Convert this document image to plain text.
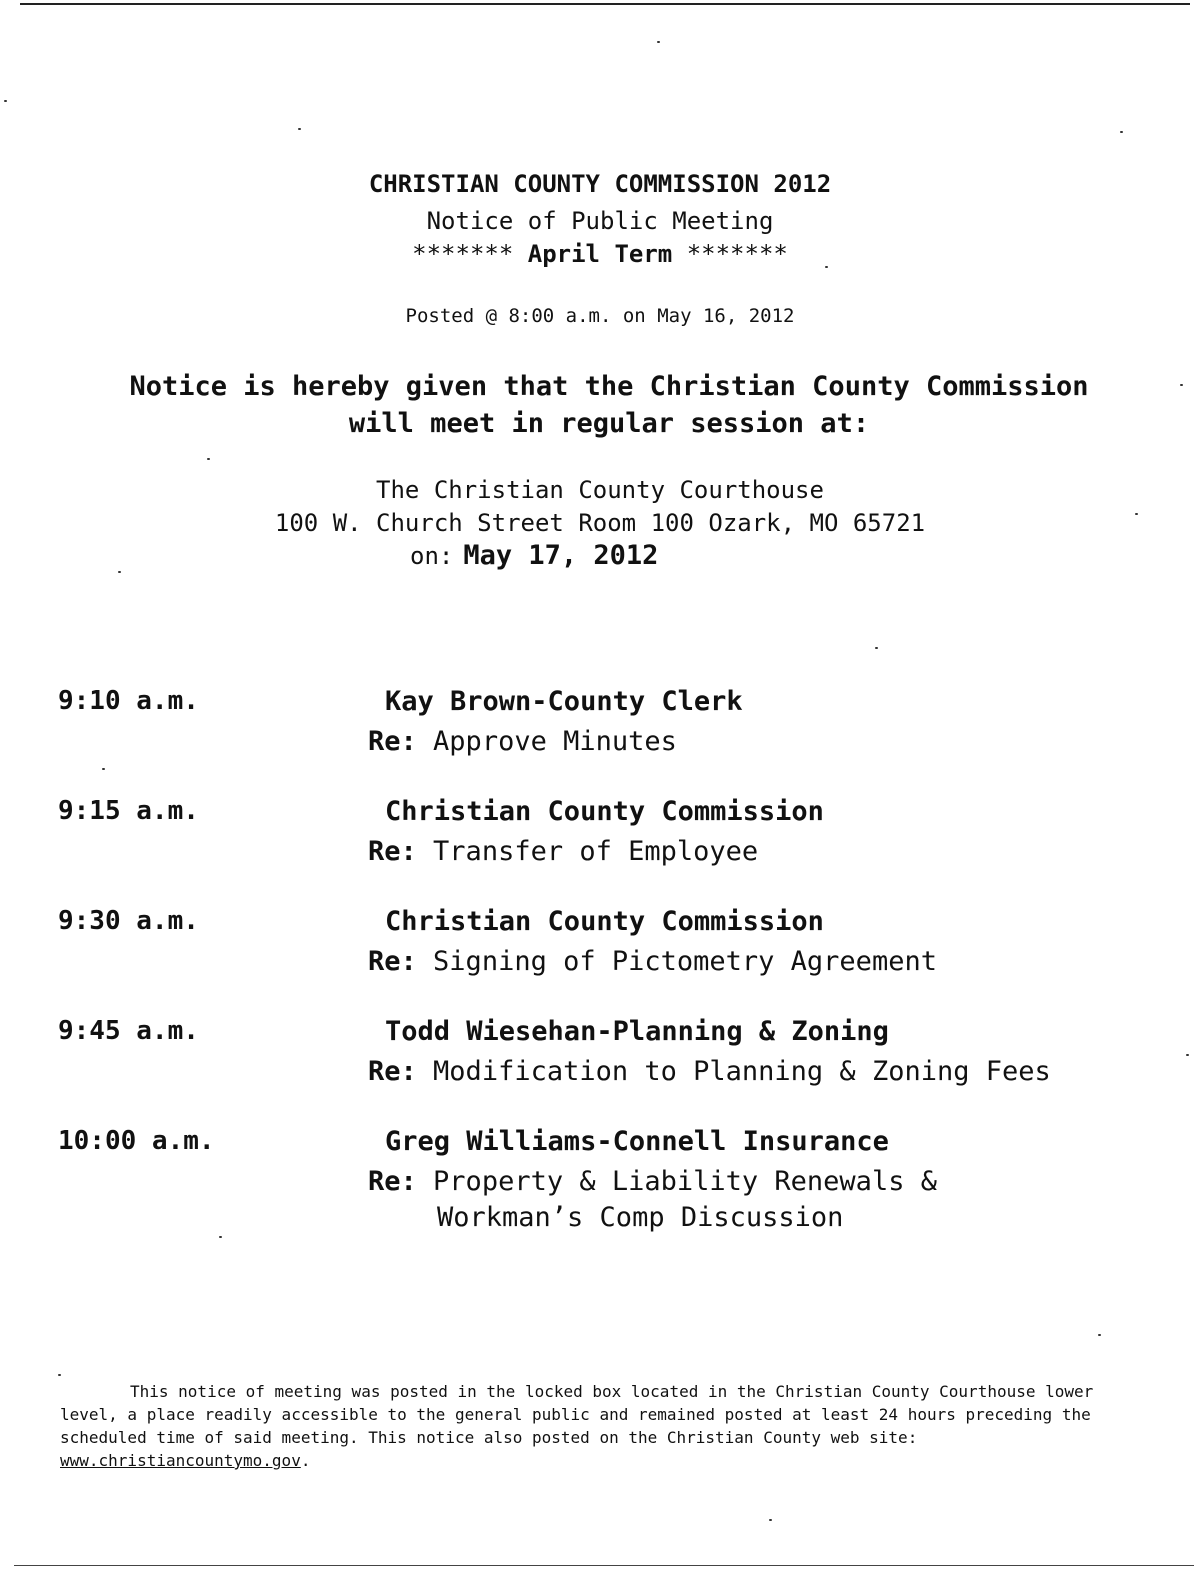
CHRISTIAN COUNTY COMMISSION 2012
Notice of Public Meeting
******* April Term *******
Posted @ 8:00 a.m. on May 16, 2012
Notice is hereby given that the Christian County Commission
will meet in regular session at:
The Christian County Courthouse
100 W. Church Street Room 100 Ozark, MO 65721
on: May 17, 2012
9:10 a.m.	Kay Brown-County Clerk
Re: Approve Minutes
9:15 a.m.	Christian County Commission
Re: Transfer of Employee
9:30 a.m.	Christian County Commission
Re: Signing of Pictometry Agreement
9:45 a.m.	Todd Wiesehan-Planning & Zoning
Re: Modification to Planning & Zoning Fees
10:00 a.m.	Greg Williams-Connell Insurance
Re: Property & Liability Renewals &
Workman’s Comp Discussion
This notice of meeting was posted in the locked box located in the Christian County Courthouse lower level, a place readily accessible to the general public and remained posted at least 24 hours preceding the scheduled time of said meeting. This notice also posted on the Christian County web site: www.christiancountymo.gov.
